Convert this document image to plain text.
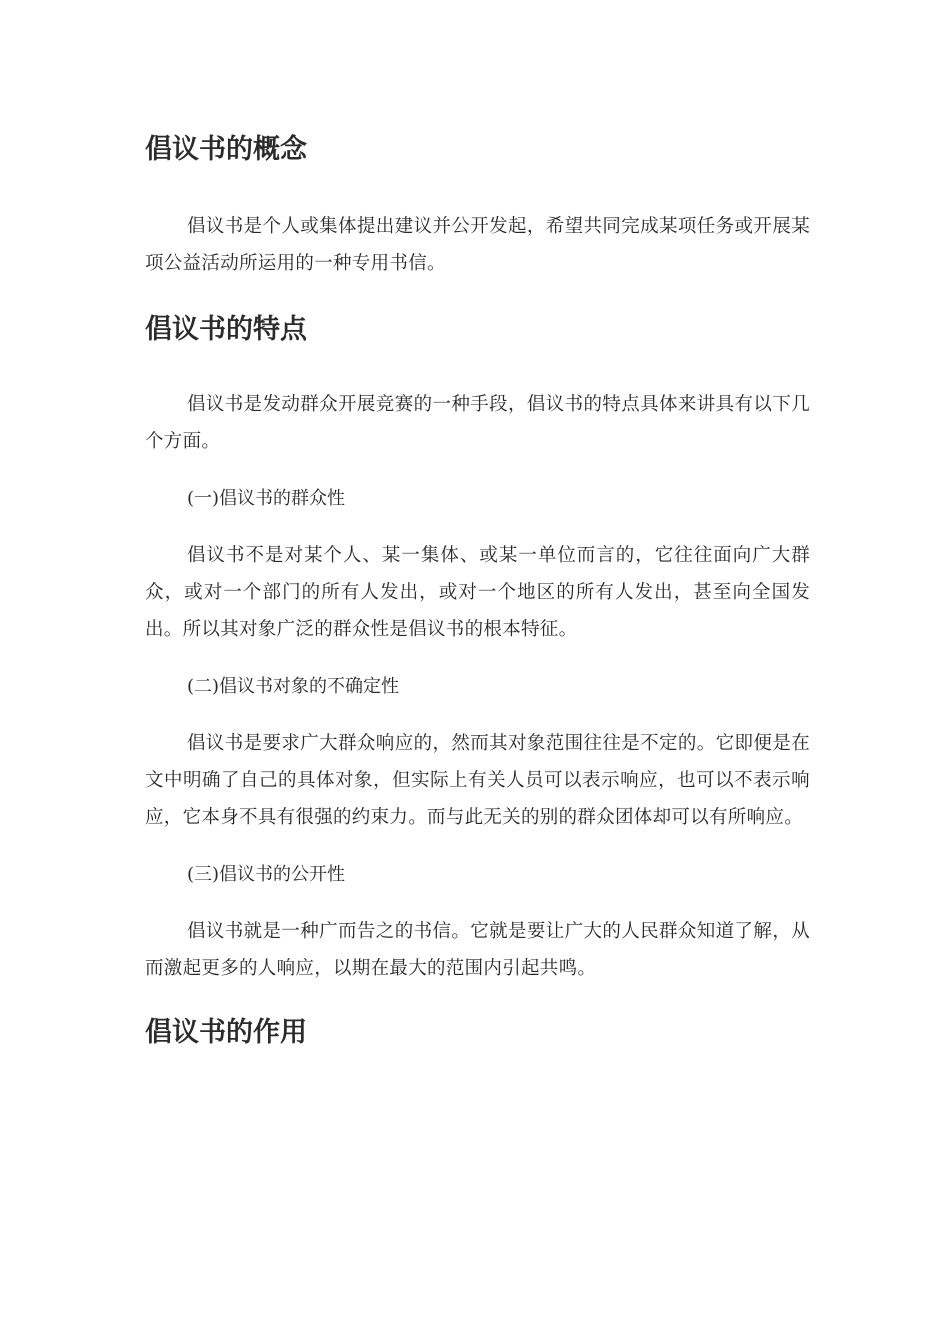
倡议书的概念

倡议书是个人或集体提出建议并公开发起，希望共同完成某项任务或开展某项公益活动所运用的一种专用书信。

倡议书的特点

倡议书是发动群众开展竞赛的一种手段，倡议书的特点具体来讲具有以下几个方面。

(一)倡议书的群众性

倡议书不是对某个人、某一集体、或某一单位而言的，它往往面向广大群众，或对一个部门的所有人发出，或对一个地区的所有人发出，甚至向全国发出。所以其对象广泛的群众性是倡议书的根本特征。

(二)倡议书对象的不确定性

倡议书是要求广大群众响应的，然而其对象范围往往是不定的。它即便是在文中明确了自己的具体对象，但实际上有关人员可以表示响应，也可以不表示响应，它本身不具有很强的约束力。而与此无关的别的群众团体却可以有所响应。

(三)倡议书的公开性

倡议书就是一种广而告之的书信。它就是要让广大的人民群众知道了解，从而激起更多的人响应，以期在最大的范围内引起共鸣。

倡议书的作用
